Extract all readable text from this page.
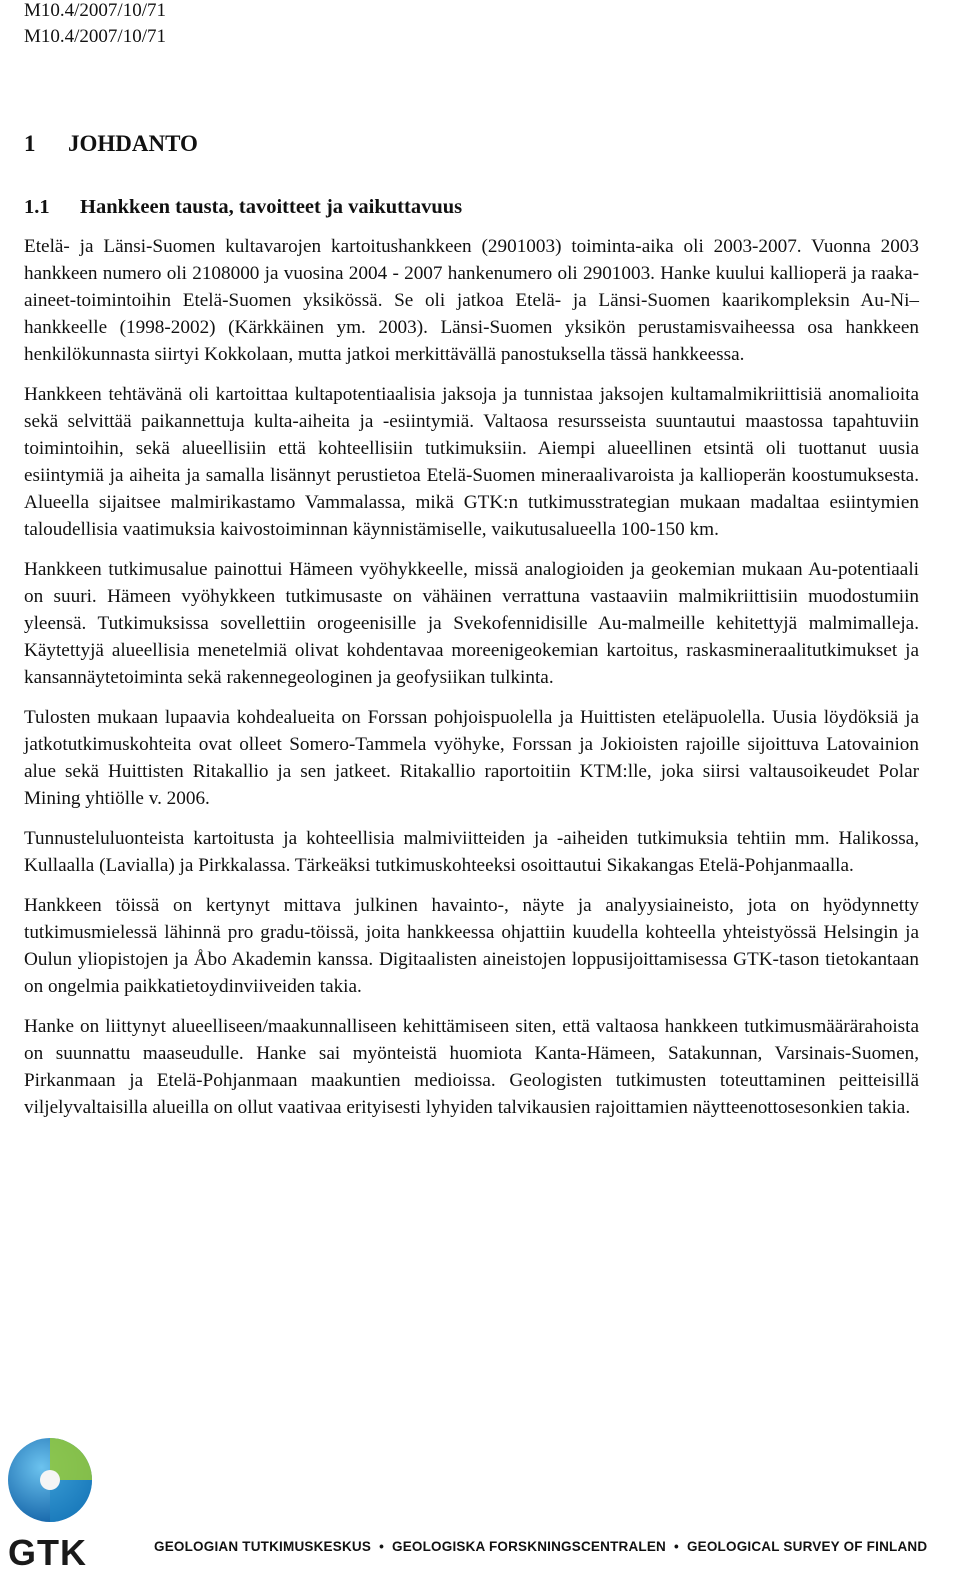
M10.4/2007/10/71
M10.4/2007/10/71
1 JOHDANTO
1.1 Hankkeen tausta, tavoitteet ja vaikuttavuus

Etelä- ja Länsi-Suomen kultavarojen kartoitushankkeen (2901003) toiminta-aika oli 2003-2007. Vuonna 2003 hankkeen numero oli 2108000 ja vuosina 2004 - 2007 hankenumero oli 2901003. Hanke kuului kallioperä ja raaka-aineet-toimintoihin Etelä-Suomen yksikössä. Se oli jatkoa Etelä- ja Länsi-Suomen kaarikompleksin Au-Ni–hankkeelle (1998-2002) (Kärkkäinen ym. 2003). Länsi-Suomen yksikön perustamisvaiheessa osa hankkeen henkilökunnasta siirtyi Kokkolaan, mutta jatkoi merkittävällä panostuksella tässä hankkeessa.

Hankkeen tehtävänä oli kartoittaa kultapotentiaalisia jaksoja ja tunnistaa jaksojen kultamalmikriittisiä anomalioita sekä selvittää paikannettuja kulta-aiheita ja -esiintymiä. Valtaosa resursseista suuntautui maastossa tapahtuviin toimintoihin, sekä alueellisiin että kohteellisiin tutkimuksiin. Aiempi alueellinen etsintä oli tuottanut uusia esiintymiä ja aiheita ja samalla lisännyt perustietoa Etelä-Suomen mineraalivaroista ja kallioperän koostumuksesta. Alueella sijaitsee malmirikastamo Vammalassa, mikä GTK:n tutkimusstrategian mukaan madaltaa esiintymien taloudellisia vaatimuksia kaivostoiminnan käynnistämiselle, vaikutusalueella 100-150 km.

Hankkeen tutkimusalue painottui Hämeen vyöhykkeelle, missä analogioiden ja geokemian mukaan Au-potentiaali on suuri. Hämeen vyöhykkeen tutkimusaste on vähäinen verrattuna vastaaviin malmikriittisiin muodostumiin yleensä. Tutkimuksissa sovellettiin orogeenisille ja Svekofennidisille Au-malmeille kehitettyjä malmimalleja. Käytettyjä alueellisia menetelmiä olivat kohdentavaa moreenigeokemian kartoitus, raskasmineraalitutkimukset ja kansannäytetoiminta sekä rakennegeologinen ja geofysiikan tulkinta.

Tulosten mukaan lupaavia kohdealueita on Forssan pohjoispuolella ja Huittisten eteläpuolella. Uusia löydöksiä ja jatkotutkimuskohteita ovat olleet Somero-Tammela vyöhyke, Forssan ja Jokioisten rajoille sijoittuva Latovainion alue sekä Huittisten Ritakallio ja sen jatkeet. Ritakallio raportoitiin KTM:lle, joka siirsi valtausoikeudet Polar Mining yhtiölle v. 2006.

Tunnusteluluonteista kartoitusta ja kohteellisia malmiviitteiden ja -aiheiden tutkimuksia tehtiin mm. Halikossa, Kullaalla (Lavialla) ja Pirkkalassa. Tärkeäksi tutkimuskohteeksi osoittautui Sikakangas Etelä-Pohjanmaalla.

Hankkeen töissä on kertynyt mittava julkinen havainto-, näyte ja analyysiaineisto, jota on hyödynnetty tutkimusmielessä lähinnä pro gradu-töissä, joita hankkeessa ohjattiin kuudella kohteella yhteistyössä Helsingin ja Oulun yliopistojen ja Åbo Akademin kanssa. Digitaalisten aineistojen loppusijoittamisessa GTK-tason tietokantaan on ongelmia paikkatietoydinviiveiden takia.

Hanke on liittynyt alueelliseen/maakunnalliseen kehittämiseen siten, että valtaosa hankkeen tutkimusmäärärahoista on suunnattu maaseudulle. Hanke sai myönteistä huomiota Kanta-Hämeen, Satakunnan, Varsinais-Suomen, Pirkanmaan ja Etelä-Pohjanmaan maakuntien medioissa. Geologisten tutkimusten toteuttaminen peitteisillä viljelyvaltaisilla alueilla on ollut vaativaa erityisesti lyhyiden talvikausien rajoittamien näytteenottosesonkien takia.

GTK	GEOLOGIAN TUTKIMUSKESKUS • GEOLOGISKA FORSKNINGSCENTRALEN • GEOLOGICAL SURVEY OF FINLAND
